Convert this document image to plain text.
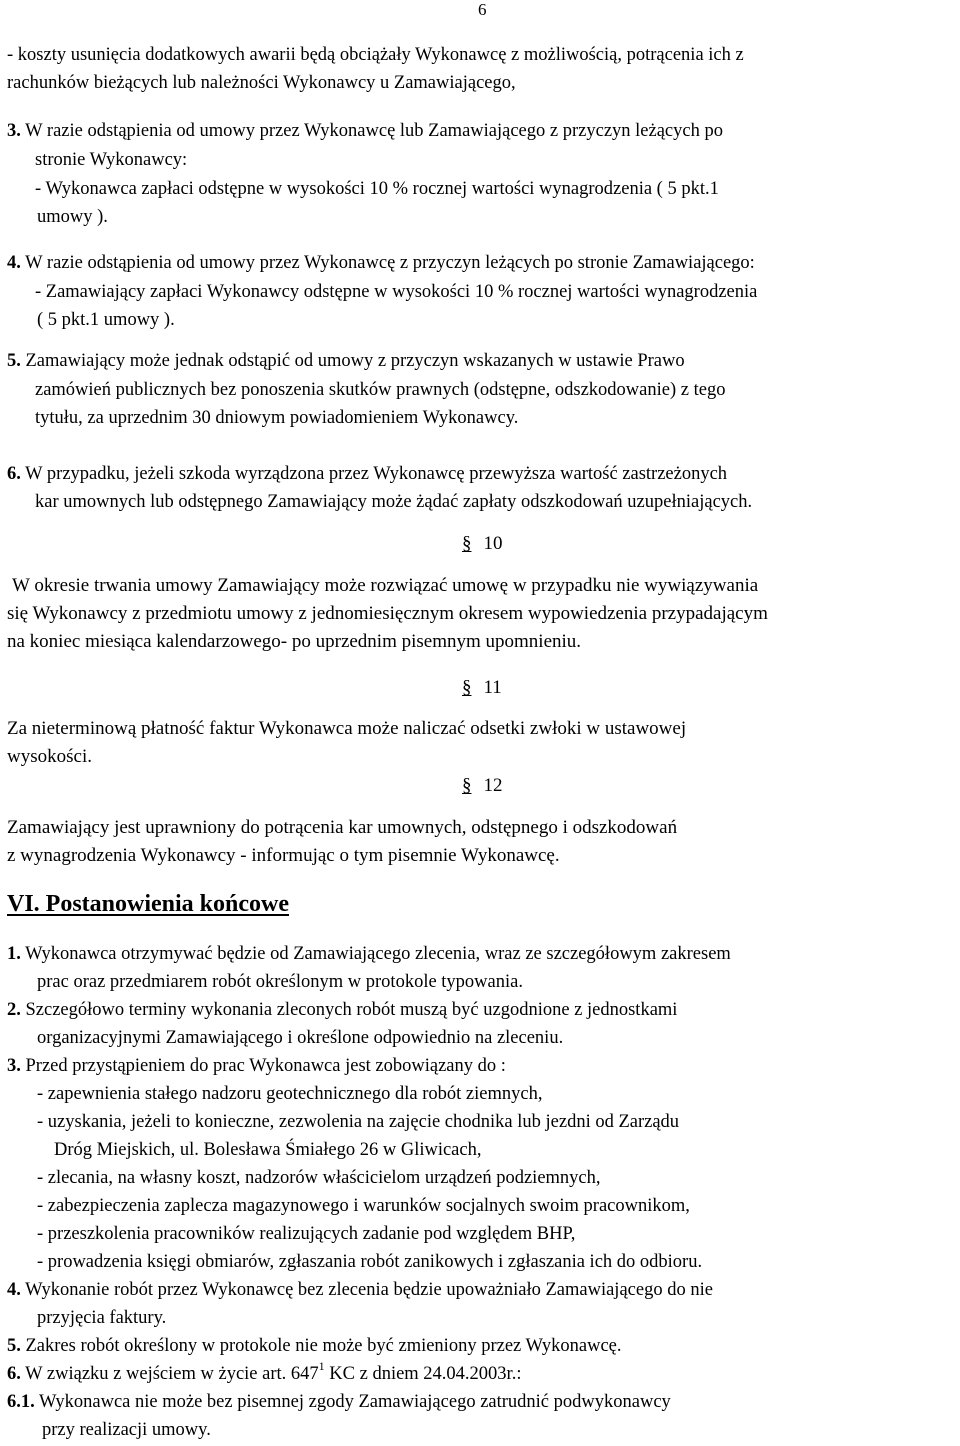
6
- koszty usunięcia dodatkowych awarii będą obciążały Wykonawcę z możliwością, potrącenia ich z
rachunków bieżących lub należności Wykonawcy u Zamawiającego,
3. W razie odstąpienia od umowy przez Wykonawcę lub Zamawiającego z przyczyn leżących po
stronie Wykonawcy:
- Wykonawca zapłaci odstępne w wysokości 10 % rocznej wartości wynagrodzenia ( 5 pkt.1
umowy ).
4. W razie odstąpienia od umowy przez Wykonawcę z przyczyn leżących po stronie Zamawiającego:
- Zamawiający zapłaci Wykonawcy odstępne w wysokości 10 % rocznej wartości wynagrodzenia
( 5 pkt.1 umowy ).
5. Zamawiający może jednak odstąpić od umowy z przyczyn wskazanych w ustawie Prawo
zamówień publicznych bez ponoszenia skutków prawnych (odstępne, odszkodowanie) z tego
tytułu, za uprzednim 30 dniowym powiadomieniem Wykonawcy.
6. W przypadku, jeżeli szkoda wyrządzona przez Wykonawcę przewyższa wartość zastrzeżonych
kar umownych lub odstępnego Zamawiający może żądać zapłaty odszkodowań uzupełniających.
§ 10
W okresie trwania umowy Zamawiający może rozwiązać umowę w przypadku nie wywiązywania
się Wykonawcy z przedmiotu umowy z jednomiesięcznym okresem wypowiedzenia przypadającym
na koniec miesiąca kalendarzowego- po uprzednim pisemnym upomnieniu.
§ 11
Za nieterminową płatność faktur Wykonawca może naliczać odsetki zwłoki w ustawowej
wysokości.
§ 12
Zamawiający jest uprawniony do potrącenia kar umownych, odstępnego i odszkodowań
z wynagrodzenia Wykonawcy - informując o tym pisemnie Wykonawcę.
VI. Postanowienia końcowe
1. Wykonawca otrzymywać będzie od Zamawiającego zlecenia, wraz ze szczegółowym zakresem
prac oraz przedmiarem robót określonym w protokole typowania.
2. Szczegółowo terminy wykonania zleconych robót muszą być uzgodnione z jednostkami
organizacyjnymi Zamawiającego i określone odpowiednio na zleceniu.
3. Przed przystąpieniem do prac Wykonawca jest zobowiązany do :
- zapewnienia stałego nadzoru geotechnicznego dla robót ziemnych,
- uzyskania, jeżeli to konieczne, zezwolenia na zajęcie chodnika lub jezdni od Zarządu
Dróg Miejskich, ul. Bolesława Śmiałego 26 w Gliwicach,
- zlecania, na własny koszt, nadzorów właścicielom urządzeń podziemnych,
- zabezpieczenia zaplecza magazynowego i warunków socjalnych swoim pracownikom,
- przeszkolenia pracowników realizujących zadanie pod względem BHP,
- prowadzenia księgi obmiarów, zgłaszania robót zanikowych i zgłaszania ich do odbioru.
4. Wykonanie robót przez Wykonawcę bez zlecenia będzie upoważniało Zamawiającego do nie
przyjęcia faktury.
5. Zakres robót określony w protokole nie może być zmieniony przez Wykonawcę.
6. W związku z wejściem w życie art. $647^1$ KC z dniem 24.04.2003r.:
6.1. Wykonawca nie może bez pisemnej zgody Zamawiającego zatrudnić podwykonawcy
przy realizacji umowy.
